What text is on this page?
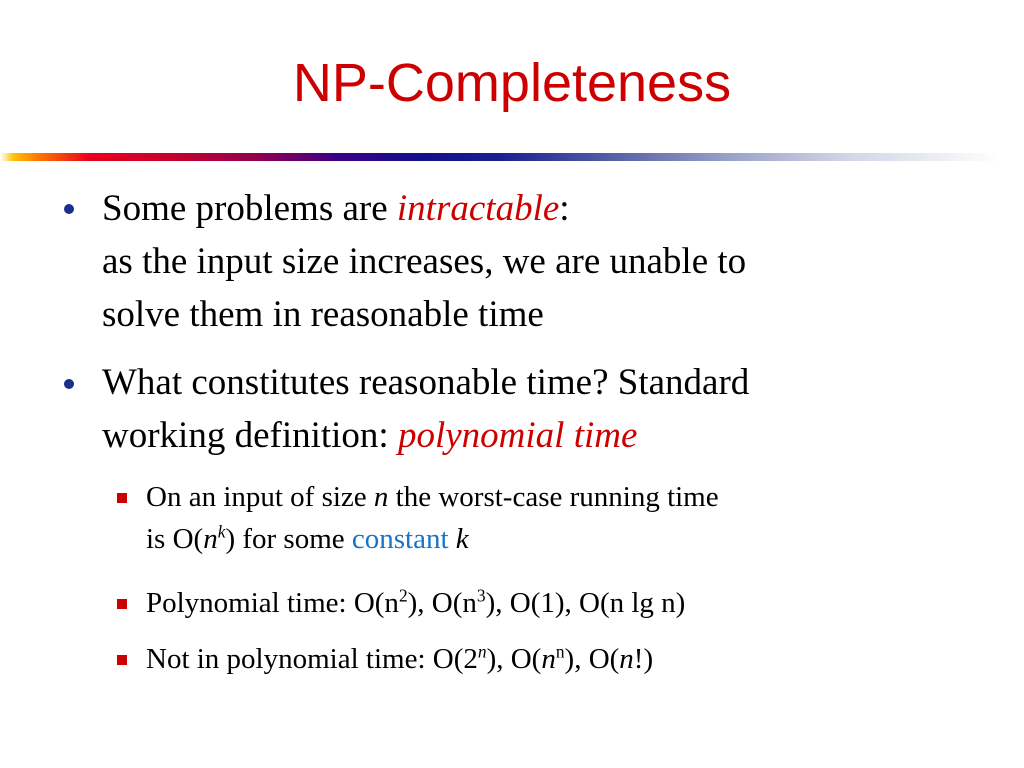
NP-Completeness
Some problems are intractable:
as the input size increases, we are unable to
solve them in reasonable time
What constitutes reasonable time? Standard
working definition: polynomial time
On an input of size n the worst-case running time
is $O(n^k)$ for some constant k
Polynomial time: $O(n^2)$, $O(n^3)$, O(1), O(n lg n)
Not in polynomial time: O(2$^n$), $O(n^n)$, O(n!)
